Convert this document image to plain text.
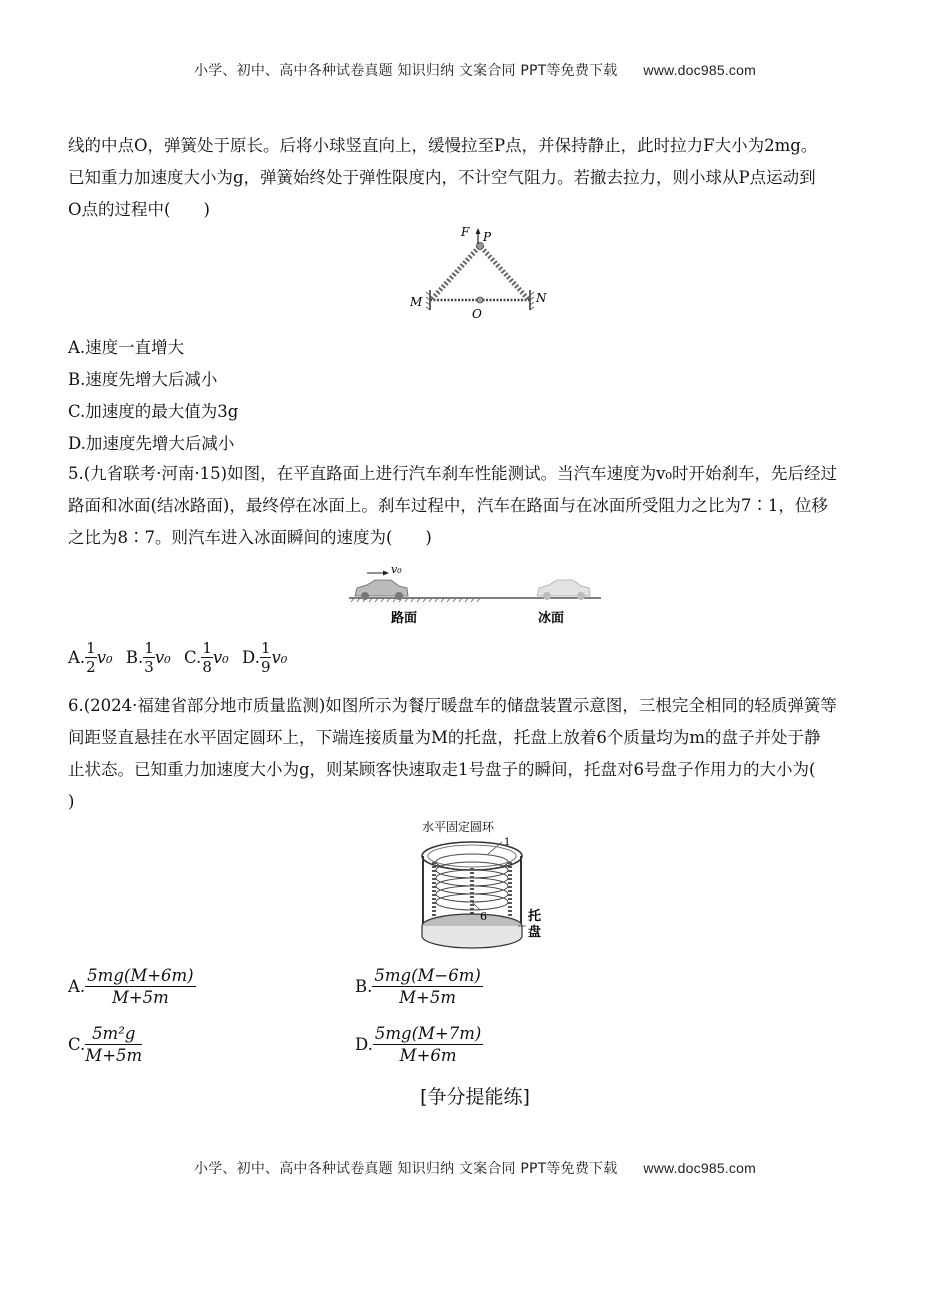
小学、初中、高中各种试卷真题 知识归纳 文案合同 PPT等免费下载 www.doc985.com
线的中点O，弹簧处于原长。后将小球竖直向上，缓慢拉至P点，并保持静止，此时拉力F大小为2mg。
已知重力加速度大小为g，弹簧始终处于弹性限度内，不计空气阻力。若撤去拉力，则小球从P点运动到
O点的过程中(　　)
F P
M	N
O
A.速度一直增大
B.速度先增大后减小
C.加速度的最大值为3g
D.加速度先增大后减小
5.(九省联考·河南·15)如图，在平直路面上进行汽车刹车性能测试。当汽车速度为v₀时开始刹车，先后经过
路面和冰面(结冰路面)，最终停在冰面上。刹车过程中，汽车在路面与在冰面所受阻力之比为7∶1，位移
之比为8∶7。则汽车进入冰面瞬间的速度为(　　)
v₀
路面	冰面
A. $\frac{1}{2} v_0$ B. $\frac{1}{3} v_0$ C. $\frac{1}{8} v_0$ D. $\frac{1}{9} v_0$
6.(2024·福建省部分地市质量监测)如图所示为餐厅暖盘车的储盘装置示意图，三根完全相同的轻质弹簧等
间距竖直悬挂在水平固定圆环上，下端连接质量为M的托盘，托盘上放着6个质量均为m的盘子并处于静
止状态。已知重力加速度大小为g，则某顾客快速取走1号盘子的瞬间，托盘对6号盘子作用力的大小为(
)
水平固定圆环
1
6	托
盘
A. $\frac{5mg(M+6m)}{M+5m}$	B. $\frac{5mg(M-6m)}{M+5m}$
C. $\frac{\text{5m²g}}{M+5m}$	D. $\frac{5mg(M+7m)}{M+6m}$
[争分提能练]
小学、初中、高中各种试卷真题 知识归纳 文案合同 PPT等免费下载 www.doc985.com
